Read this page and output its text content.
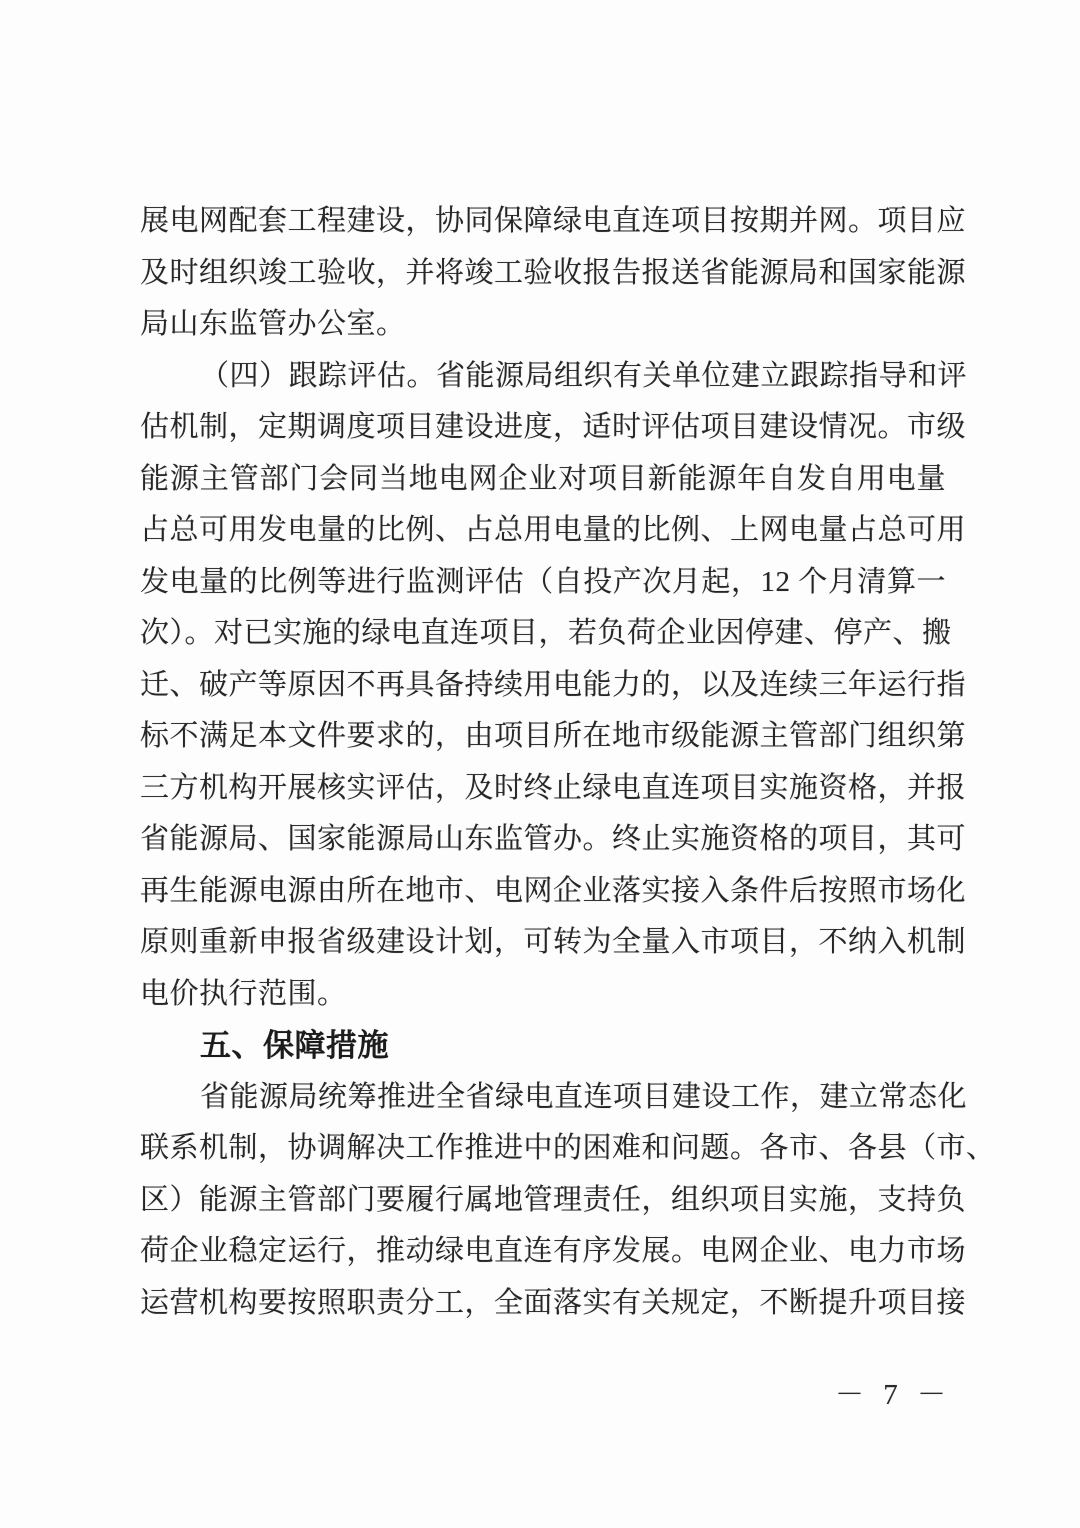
展电网配套工程建设，协同保障绿电直连项目按期并网。项目应
及时组织竣工验收，并将竣工验收报告报送省能源局和国家能源
局山东监管办公室。
（四）跟踪评估。省能源局组织有关单位建立跟踪指导和评
估机制，定期调度项目建设进度，适时评估项目建设情况。市级
能源主管部门会同当地电网企业对项目新能源年自发自用电量
占总可用发电量的比例、占总用电量的比例、上网电量占总可用
发电量的比例等进行监测评估（自投产次月起，12 个月清算一
次）。对已实施的绿电直连项目，若负荷企业因停建、停产、搬
迁、破产等原因不再具备持续用电能力的，以及连续三年运行指
标不满足本文件要求的，由项目所在地市级能源主管部门组织第
三方机构开展核实评估，及时终止绿电直连项目实施资格，并报
省能源局、国家能源局山东监管办。终止实施资格的项目，其可
再生能源电源由所在地市、电网企业落实接入条件后按照市场化
原则重新申报省级建设计划，可转为全量入市项目，不纳入机制
电价执行范围。
五、保障措施
省能源局统筹推进全省绿电直连项目建设工作，建立常态化
联系机制，协调解决工作推进中的困难和问题。各市、各县（市、
区）能源主管部门要履行属地管理责任，组织项目实施，支持负
荷企业稳定运行，推动绿电直连有序发展。电网企业、电力市场
运营机构要按照职责分工，全面落实有关规定，不断提升项目接
－ 7 －
